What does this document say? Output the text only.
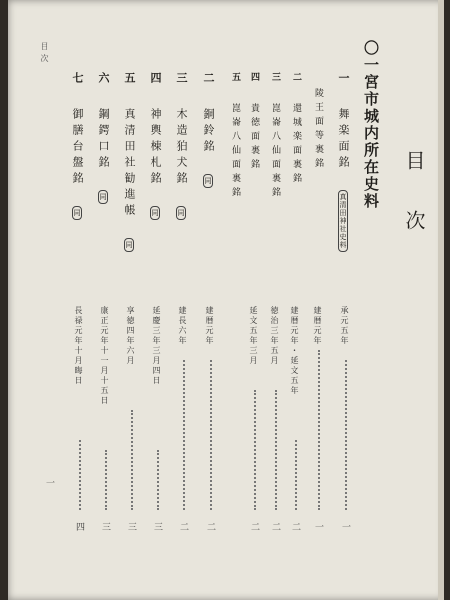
目次
一
目次
〇一宮市城内所在史料
一 舞楽面銘 真清田神社史料
承元五年
一
陵王面等裏銘
建暦元年
一
二 還城楽面裏銘
建暦元年・延文五年
二
三 崑崙八仙面裏銘
徳治三年五月
二
四 貴徳面裏銘
延文五年三月
二
五 崑崙八仙面裏銘
二 銅鈴銘 同
建暦元年
二
三 木造狛犬銘 同
建長六年
二
四 神輿棟札銘 同
延慶三年三月四日
三
五 真清田社勧進帳 同
享徳四年六月
三
六 鋼鍔口銘 同
康正元年十一月十五日
三
七 御膳台盤銘 同
長禄元年十月晦日
四
